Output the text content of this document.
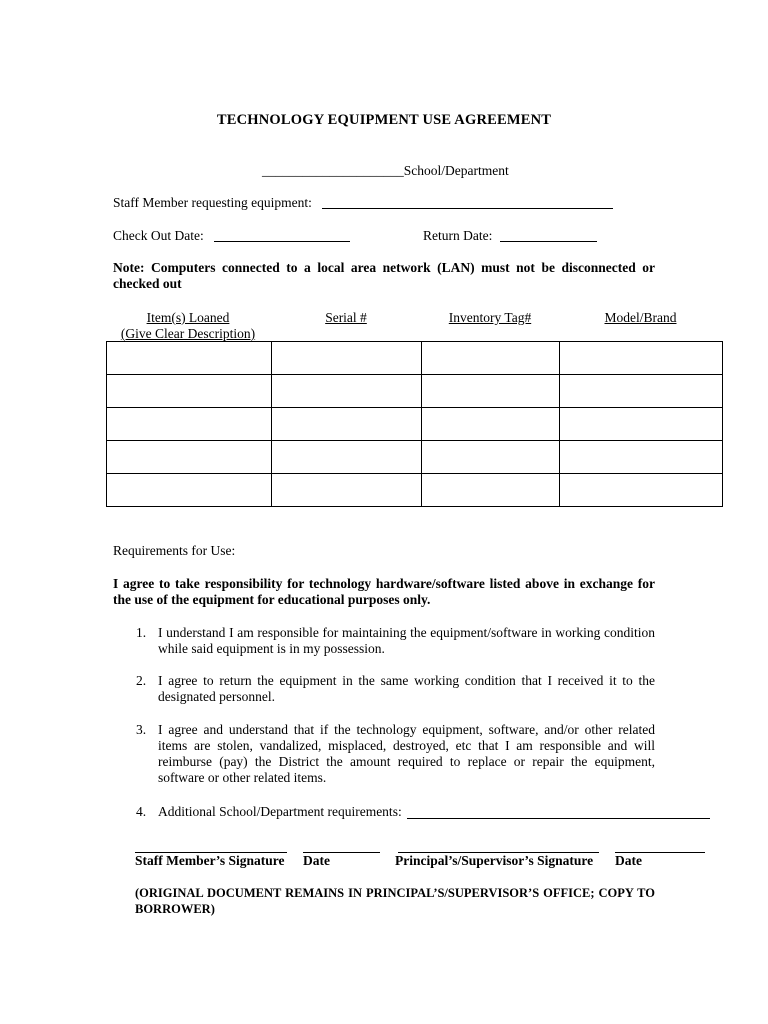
TECHNOLOGY EQUIPMENT USE AGREEMENT
_____________________School/Department
Staff Member requesting equipment:
Check Out Date:	Return Date:
Note: Computers connected to a local area network (LAN) must not be disconnected or checked out
Item(s) Loaned
(Give Clear Description)
Serial #	Inventory Tag#	Model/Brand

Requirements for Use:
I agree to take responsibility for technology hardware/software listed above in exchange for the use of the equipment for educational purposes only.
1. I understand I am responsible for maintaining the equipment/software in working condition while said equipment is in my possession.
2. I agree to return the equipment in the same working condition that I received it to the designated personnel.
3. I agree and understand that if the technology equipment, software, and/or other related items are stolen, vandalized, misplaced, destroyed, etc that I am responsible and will reimburse (pay) the District the amount required to replace or repair the equipment, software or other related items.
4. Additional School/Department requirements:
Staff Member’s Signature Date	Principal’s/Supervisor’s Signature Date
(ORIGINAL DOCUMENT REMAINS IN PRINCIPAL’S/SUPERVISOR’S OFFICE; COPY TO BORROWER)
